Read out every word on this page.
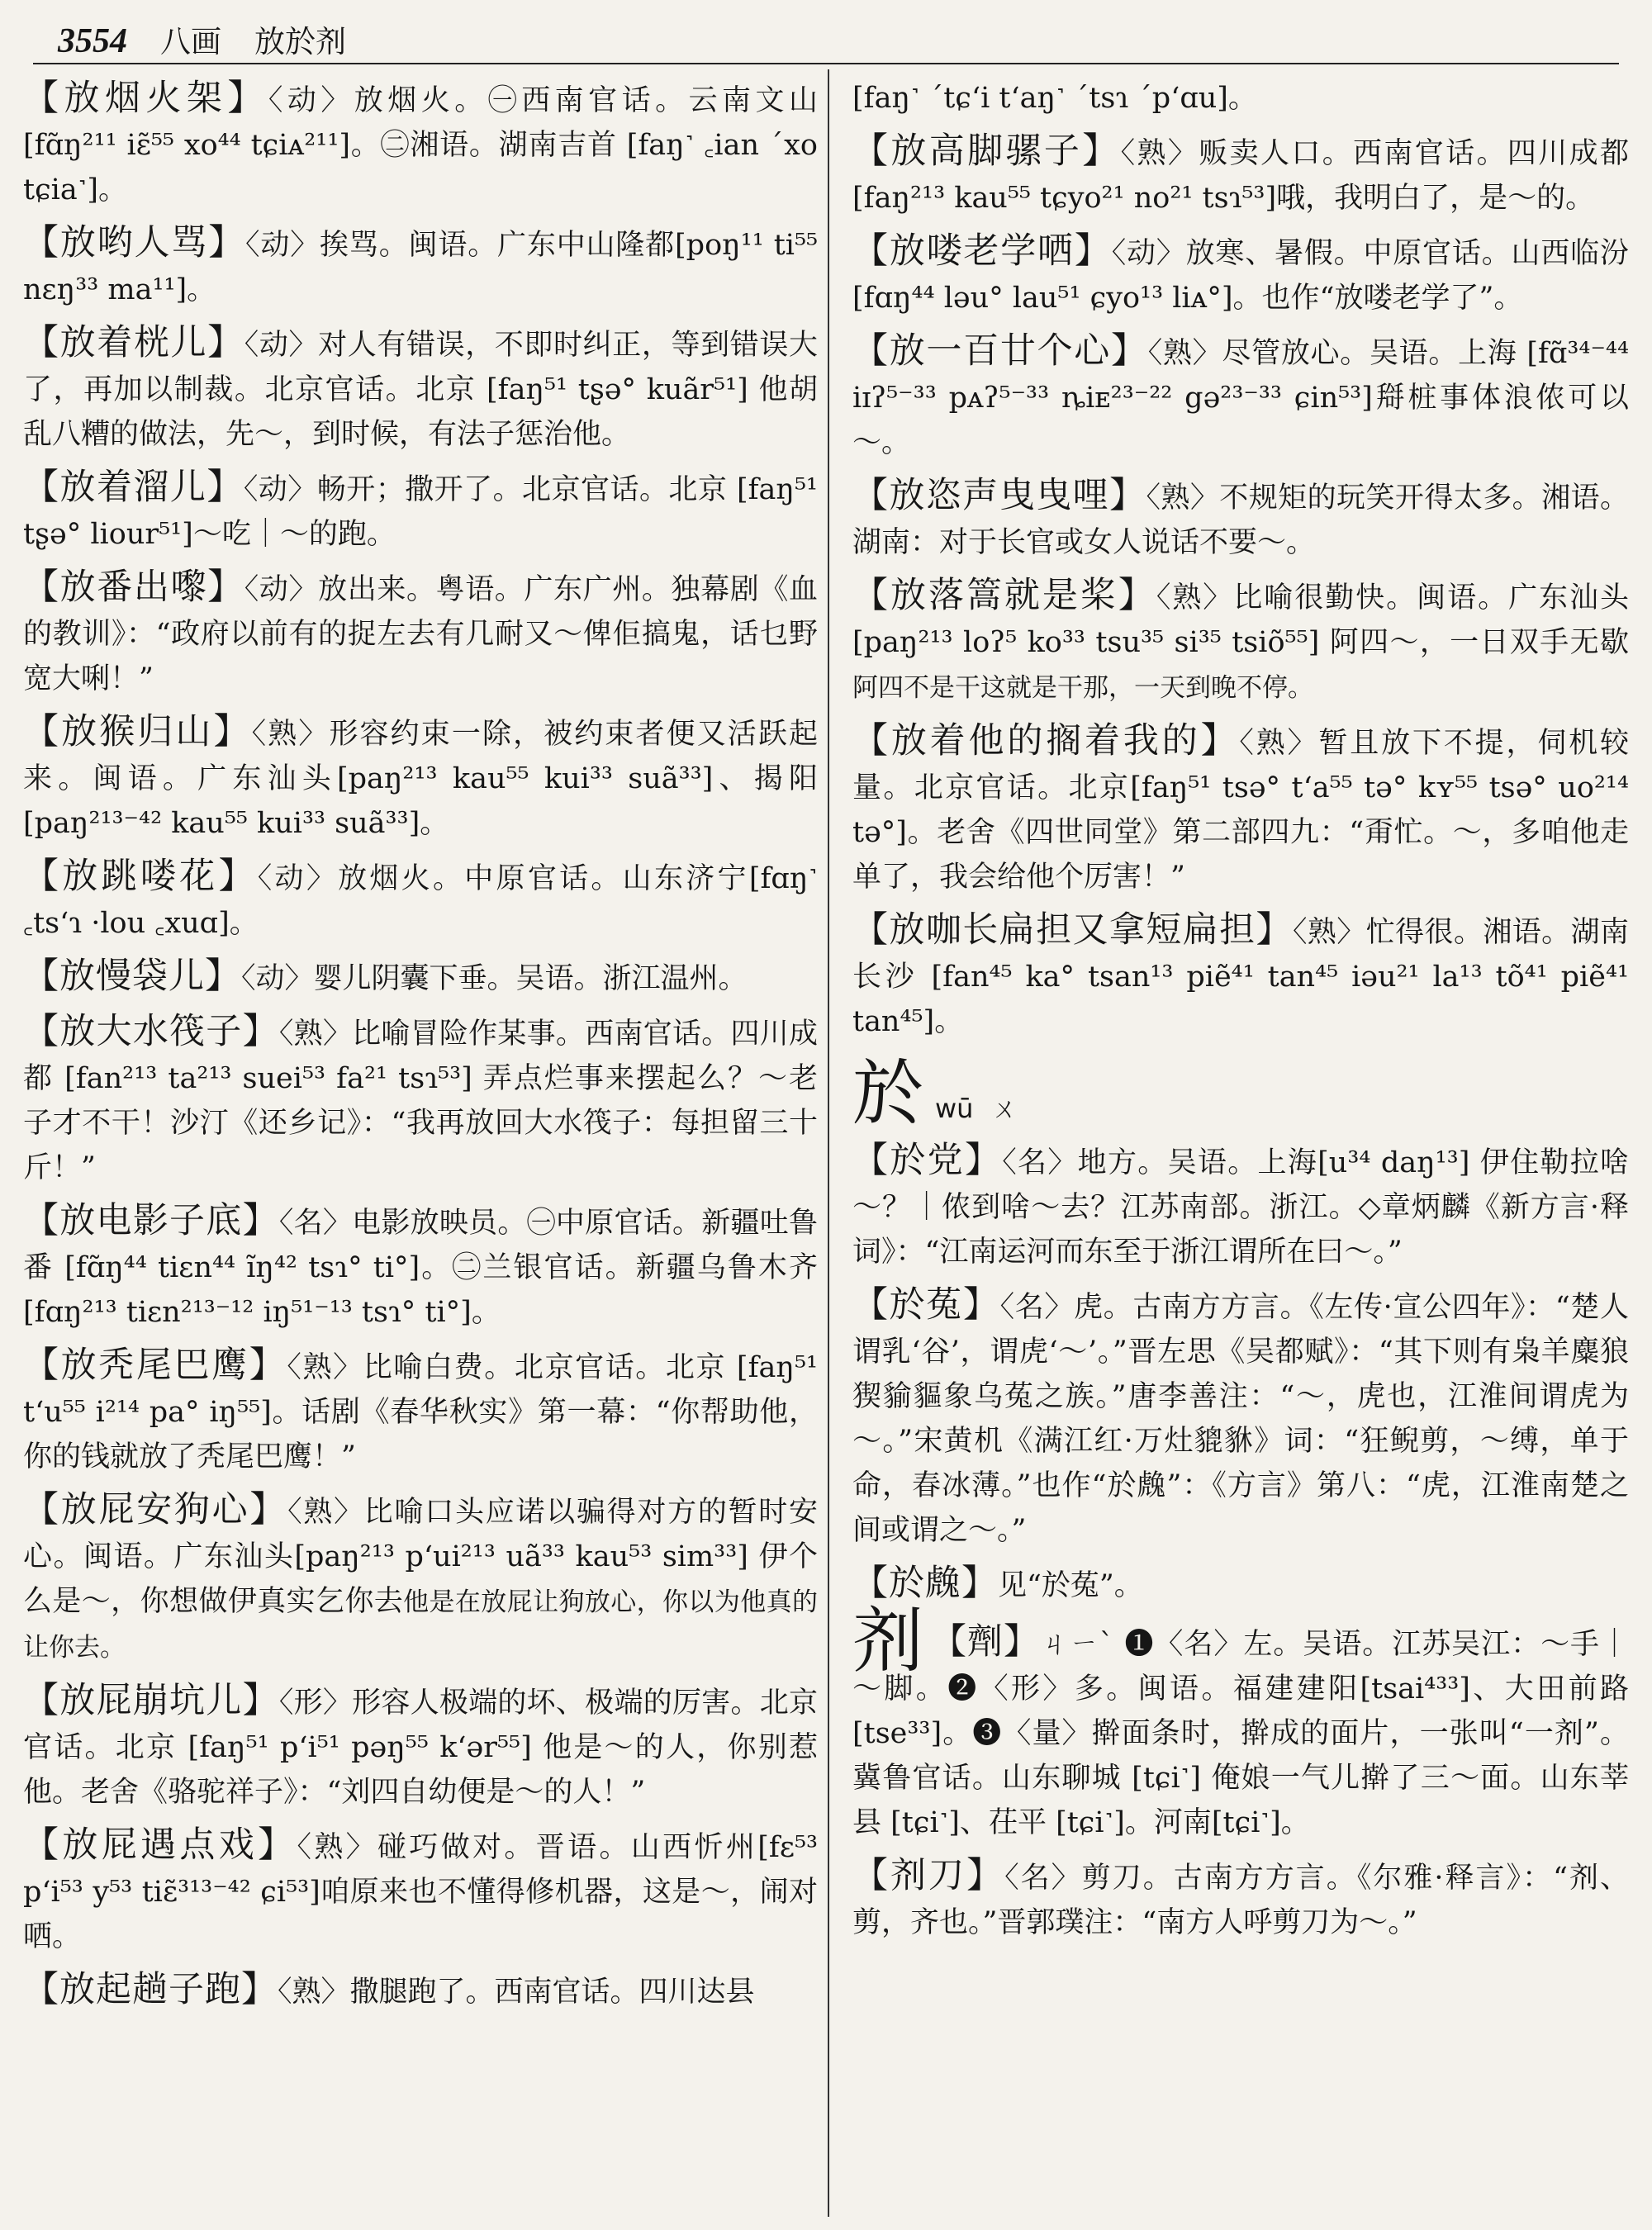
3554 八画 放於剂
【 放烟火架 】 〈动〉放烟火。㊀西南官话。云南文山 [fɑ̃ŋ²¹¹ iɛ̃⁵⁵ xo⁴⁴ tɕiᴀ²¹¹]。㊁湘语。湖南吉首 [faŋ˺ ꜀ian ˊxo tɕia˺]。
【 放哟人骂 】 〈动〉挨骂。闽语。广东中山隆都[poŋ¹¹ ti⁵⁵ nɛŋ³³ ma¹¹]。
【 放着桄儿 】 〈动〉对人有错误，不即时纠正，等到错误大了，再加以制裁。北京官话。北京 [faŋ⁵¹ tʂə° kuãr⁵¹] 他胡乱八糟的做法，先～，到时候，有法子惩治他。
【 放着溜儿 】 〈动〉畅开；撒开了。北京官话。北京 [faŋ⁵¹ tʂə° liour⁵¹]～吃｜～的跑。
【 放番出嚟 】 〈动〉放出来。粤语。广东广州。独幕剧《血的教训》：“政府以前有的捉左去有几耐又～俾佢搞鬼，话乜野宽大唎！”
【 放猴归山 】 〈熟〉形容约束一除，被约束者便又活跃起来。闽语。广东汕头[paŋ²¹³ kau⁵⁵ kui³³ suã³³]、揭阳[paŋ²¹³⁻⁴² kau⁵⁵ kui³³ suã³³]。
【 放跳喽花 】 〈动〉放烟火。中原官话。山东济宁[fɑŋ˺ ꜀tsʻɿ ·lou ꜀xuɑ]。
【 放慢袋儿 】 〈动〉婴儿阴囊下垂。吴语。浙江温州。
【 放大水筏子 】 〈熟〉比喻冒险作某事。西南官话。四川成都 [fan²¹³ ta²¹³ suei⁵³ fa²¹ tsɿ⁵³] 弄点烂事来摆起么？～老子才不干！沙汀《还乡记》：“我再放回大水筏子：每担留三十斤！”
【 放电影子底 】 〈名〉电影放映员。㊀中原官话。新疆吐鲁番 [fɑ̃ŋ⁴⁴ tiɛn⁴⁴ ĩŋ⁴² tsɿ° ti°]。㊁兰银官话。新疆乌鲁木齐 [fɑŋ²¹³ tiɛn²¹³⁻¹² iŋ⁵¹⁻¹³ tsɿ° ti°]。
【 放秃尾巴鹰 】 〈熟〉比喻白费。北京官话。北京 [faŋ⁵¹ tʻu⁵⁵ i²¹⁴ pa° iŋ⁵⁵]。话剧《春华秋实》第一幕：“你帮助他，你的钱就放了秃尾巴鹰！”
【 放屁安狗心 】 〈熟〉比喻口头应诺以骗得对方的暂时安心。闽语。广东汕头[paŋ²¹³ pʻui²¹³ uã³³ kau⁵³ sim³³] 伊个么是～，你想做伊真实乞你去他是在放屁让狗放心，你以为他真的让你去。
【 放屁崩坑儿 】 〈形〉形容人极端的坏、极端的厉害。北京官话。北京 [faŋ⁵¹ pʻi⁵¹ pəŋ⁵⁵ kʻər⁵⁵] 他是～的人，你别惹他。老舍《骆驼祥子》：“刘四自幼便是～的人！”
【 放屁遇点戏 】 〈熟〉碰巧做对。晋语。山西忻州[fɛ⁵³ pʻi⁵³ y⁵³ tiɛ̃³¹³⁻⁴² ɕi⁵³]咱原来也不懂得修机器，这是～，闹对哂。
【 放起趟子跑 】 〈熟〉撒腿跑了。西南官话。四川达县
[faŋ˺ ˊtɕʻi tʻaŋ˺ ˊtsɿ ˊpʻɑu]。
【 放高脚骡子 】 〈熟〉贩卖人口。西南官话。四川成都 [faŋ²¹³ kau⁵⁵ tɕyo²¹ no²¹ tsɿ⁵³]哦，我明白了，是～的。
【 放喽老学哂 】 〈动〉放寒、暑假。中原官话。山西临汾[fɑŋ⁴⁴ ləu° lau⁵¹ ɕyo¹³ liᴀ°]。也作“放喽老学了”。
【 放一百廿个心 】 〈熟〉尽管放心。吴语。上海 [fɑ̃³⁴⁻⁴⁴ iɪʔ⁵⁻³³ pᴀʔ⁵⁻³³ ȵiᴇ²³⁻²² gə²³⁻³³ ɕin⁵³]搿桩事体浪侬可以～。
【 放恣声曳曳哩 】 〈熟〉不规矩的玩笑开得太多。湘语。湖南：对于长官或女人说话不要～。
【 放落篙就是桨 】 〈熟〉比喻很勤快。闽语。广东汕头[paŋ²¹³ loʔ⁵ ko³³ tsu³⁵ si³⁵ tsiõ⁵⁵] 阿四～，一日双手无歇阿四不是干这就是干那，一天到晚不停。
【 放着他的搁着我的 】 〈熟〉暂且放下不提，伺机较量。北京官话。北京[faŋ⁵¹ tsə° tʻa⁵⁵ tə° kʏ⁵⁵ tsə° uo²¹⁴ tə°]。老舍《四世同堂》第二部四九：“甭忙。～，多咱他走单了，我会给他个厉害！”
【 放咖长扁担又拿短扁担 】 〈熟〉忙得很。湘语。湖南长沙 [fan⁴⁵ ka° tsan¹³ piẽ⁴¹ tan⁴⁵ iəu²¹ la¹³ tõ⁴¹ piẽ⁴¹ tan⁴⁵]。
於 wū ㄨ
【 於党 】 〈名〉地方。吴语。上海[u³⁴ daŋ¹³] 伊住勒拉啥～？｜侬到啥～去？江苏南部。浙江。◇章炳麟《新方言·释词》：“江南运河而东至于浙江谓所在曰～。”
【 於菟 】 〈名〉虎。古南方方言。《左传·宣公四年》：“楚人谓乳‘谷’，谓虎‘～’。”晋左思《吴都赋》：“其下则有枭羊麋狼猰貐貙象乌菟之族。”唐李善注：“～，虎也，江淮间谓虎为～。”宋黄机《满江红·万灶貔貅》词：“狂鲵剪，～缚，单于命，春冰薄。”也作“於䖘”：《方言》第八：“虎，江淮南楚之间或谓之～。”
【 於䖘 】 见“於菟”。
剂 【劑】ㄐㄧˋ ❶〈名〉左。吴语。江苏吴江：～手｜～脚。❷〈形〉多。闽语。福建建阳[tsai⁴³³]、大田前路 [tse³³]。❸〈量〉擀面条时，擀成的面片，一张叫“一剂”。冀鲁官话。山东聊城 [tɕi˺] 俺娘一气儿擀了三～面。山东莘县 [tɕi˺]、茌平 [tɕi˺]。河南[tɕi˺]。
【 剂刀 】 〈名〉剪刀。古南方方言。《尔雅·释言》：“剂、剪，齐也。”晋郭璞注：“南方人呼剪刀为～。”
